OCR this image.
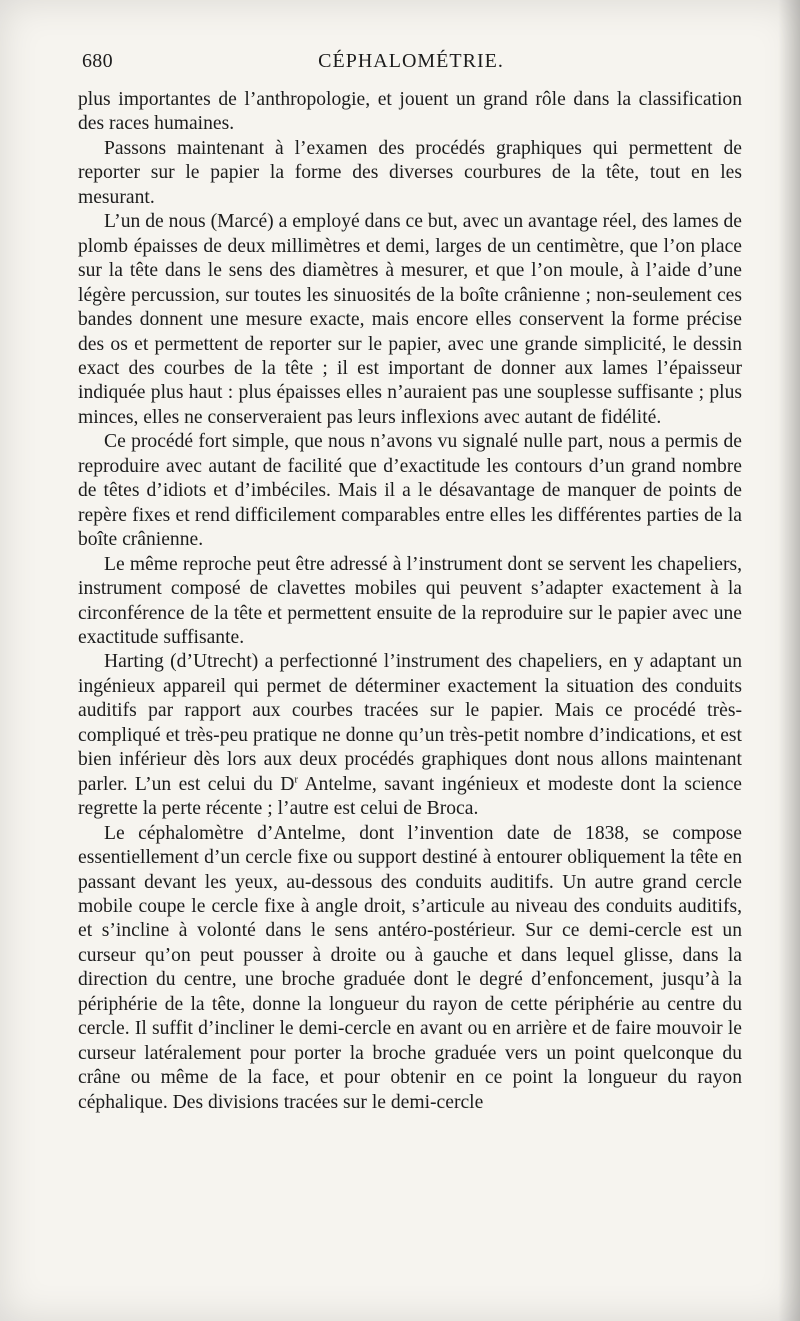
680	CÉPHALOMÉTRIE.

plus importantes de l’anthropologie, et jouent un grand rôle dans la classification des races humaines.

Passons maintenant à l’examen des procédés graphiques qui permettent de reporter sur le papier la forme des diverses courbures de la tête, tout en les mesurant.

L’un de nous (Marcé) a employé dans ce but, avec un avantage réel, des lames de plomb épaisses de deux millimètres et demi, larges de un centimètre, que l’on place sur la tête dans le sens des diamètres à mesurer, et que l’on moule, à l’aide d’une légère percussion, sur toutes les sinuosités de la boîte crânienne ; non-seulement ces bandes donnent une mesure exacte, mais encore elles conservent la forme précise des os et permettent de reporter sur le papier, avec une grande simplicité, le dessin exact des courbes de la tête ; il est important de donner aux lames l’épaisseur indiquée plus haut : plus épaisses elles n’auraient pas une souplesse suffisante ; plus minces, elles ne conserveraient pas leurs inflexions avec autant de fidélité.

Ce procédé fort simple, que nous n’avons vu signalé nulle part, nous a permis de reproduire avec autant de facilité que d’exactitude les contours d’un grand nombre de têtes d’idiots et d’imbéciles. Mais il a le désavantage de manquer de points de repère fixes et rend difficilement comparables entre elles les différentes parties de la boîte crânienne.

Le même reproche peut être adressé à l’instrument dont se servent les chapeliers, instrument composé de clavettes mobiles qui peuvent s’adapter exactement à la circonférence de la tête et permettent ensuite de la reproduire sur le papier avec une exactitude suffisante.

Harting (d’Utrecht) a perfectionné l’instrument des chapeliers, en y adaptant un ingénieux appareil qui permet de déterminer exactement la situation des conduits auditifs par rapport aux courbes tracées sur le papier. Mais ce procédé très-compliqué et très-peu pratique ne donne qu’un très-petit nombre d’indications, et est bien inférieur dès lors aux deux procédés graphiques dont nous allons maintenant parler. L’un est celui du $D^r$ Antelme, savant ingénieux et modeste dont la science regrette la perte récente ; l’autre est celui de Broca.

Le céphalomètre d’Antelme, dont l’invention date de 1838, se compose essentiellement d’un cercle fixe ou support destiné à entourer obliquement la tête en passant devant les yeux, au-dessous des conduits auditifs. Un autre grand cercle mobile coupe le cercle fixe à angle droit, s’articule au niveau des conduits auditifs, et s’incline à volonté dans le sens antéro-postérieur. Sur ce demi-cercle est un curseur qu’on peut pousser à droite ou à gauche et dans lequel glisse, dans la direction du centre, une broche graduée dont le degré d’enfoncement, jusqu’à la périphérie de la tête, donne la longueur du rayon de cette périphérie au centre du cercle. Il suffit d’incliner le demi-cercle en avant ou en arrière et de faire mouvoir le curseur latéralement pour porter la broche graduée vers un point quelconque du crâne ou même de la face, et pour obtenir en ce point la longueur du rayon céphalique. Des divisions tracées sur le demi-cercle
